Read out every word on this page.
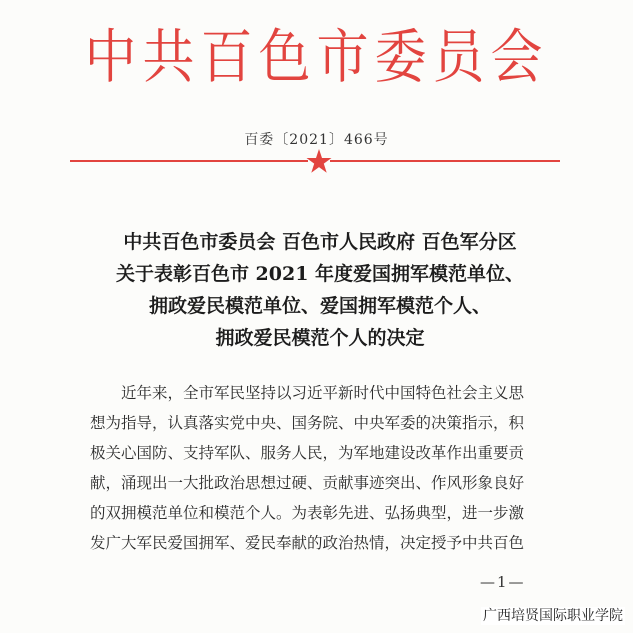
中共百色市委员会
百委〔2021〕466号
中共百色市委员会 百色市人民政府 百色军分区
关于表彰百色市 2021 年度爱国拥军模范单位、
拥政爱民模范单位、爱国拥军模范个人、
拥政爱民模范个人的决定
近年来，全市军民坚持以习近平新时代中国特色社会主义思
想为指导，认真落实党中央、国务院、中央军委的决策指示，积
极关心国防、支持军队、服务人民，为军地建设改革作出重要贡
献，涌现出一大批政治思想过硬、贡献事迹突出、作风形象良好
的双拥模范单位和模范个人。为表彰先进、弘扬典型，进一步激
发广大军民爱国拥军、爱民奉献的政治热情，决定授予中共百色
—1—
广西培贤国际职业学院
